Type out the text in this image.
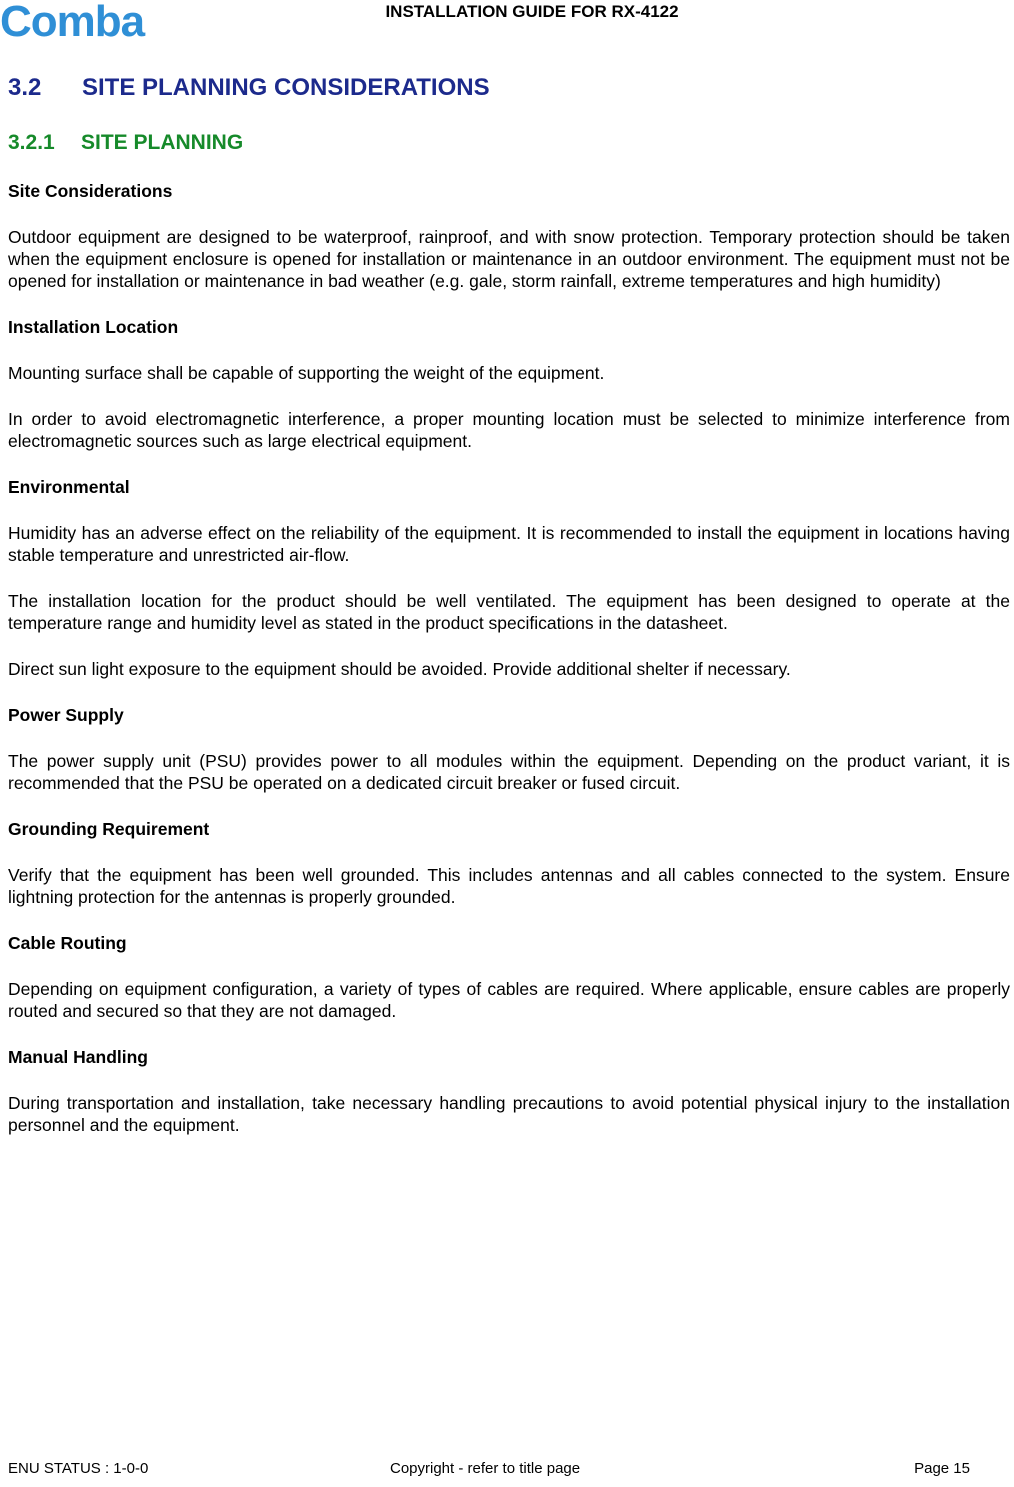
Comba	INSTALLATION GUIDE FOR RX-4122
3.2 SITE PLANNING CONSIDERATIONS
3.2.1 SITE PLANNING

Site Considerations

Outdoor equipment are designed to be waterproof, rainproof, and with snow protection. Temporary protection should be taken when the equipment enclosure is opened for installation or maintenance in an outdoor environment. The equipment must not be opened for installation or maintenance in bad weather (e.g. gale, storm rainfall, extreme temperatures and high humidity)

Installation Location

Mounting surface shall be capable of supporting the weight of the equipment.

In order to avoid electromagnetic interference, a proper mounting location must be selected to minimize interference from electromagnetic sources such as large electrical equipment.

Environmental

Humidity has an adverse effect on the reliability of the equipment. It is recommended to install the equipment in locations having stable temperature and unrestricted air-flow.

The installation location for the product should be well ventilated. The equipment has been designed to operate at the temperature range and humidity level as stated in the product specifications in the datasheet.

Direct sun light exposure to the equipment should be avoided. Provide additional shelter if necessary.

Power Supply

The power supply unit (PSU) provides power to all modules within the equipment. Depending on the product variant, it is recommended that the PSU be operated on a dedicated circuit breaker or fused circuit.

Grounding Requirement

Verify that the equipment has been well grounded. This includes antennas and all cables connected to the system. Ensure lightning protection for the antennas is properly grounded.

Cable Routing

Depending on equipment configuration, a variety of types of cables are required. Where applicable, ensure cables are properly routed and secured so that they are not damaged.

Manual Handling

During transportation and installation, take necessary handling precautions to avoid potential physical injury to the installation personnel and the equipment.

ENU STATUS : 1-0-0	Copyright - refer to title page	Page 15
